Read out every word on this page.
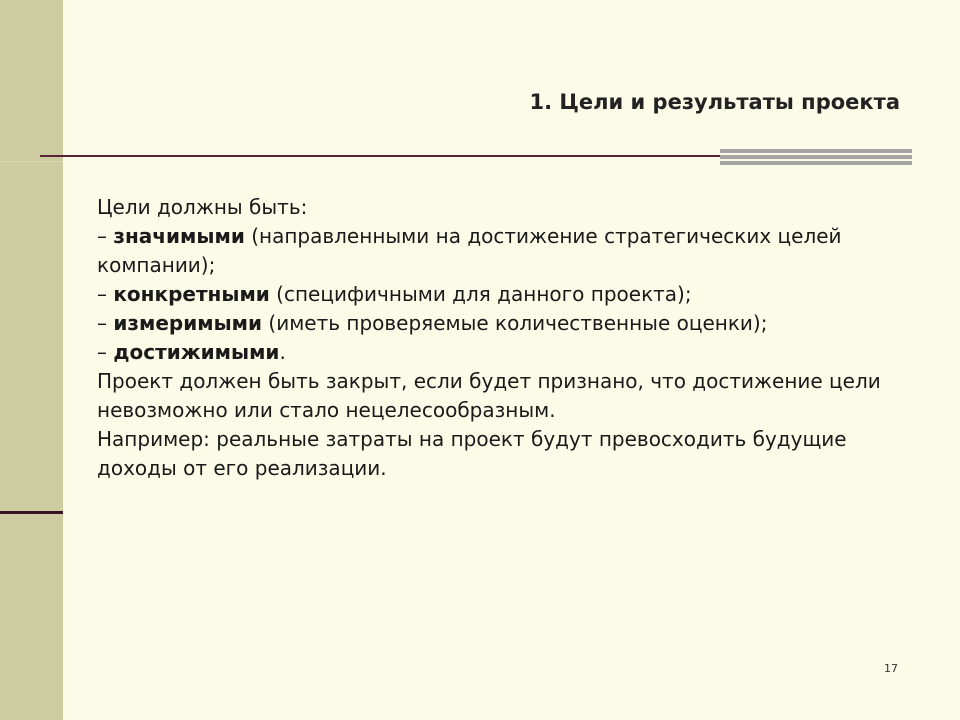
1. Цели и результаты проекта

Цели должны быть:

– значимыми (направленными на достижение стратегических целей компании);

– конкретными (специфичными для данного проекта);

– измеримыми (иметь проверяемые количественные оценки);

– достижимыми.

Проект должен быть закрыт, если будет признано, что достижение цели невозможно или стало нецелесообразным.

Например: реальные затраты на проект будут превосходить будущие доходы от его реализации.

17
